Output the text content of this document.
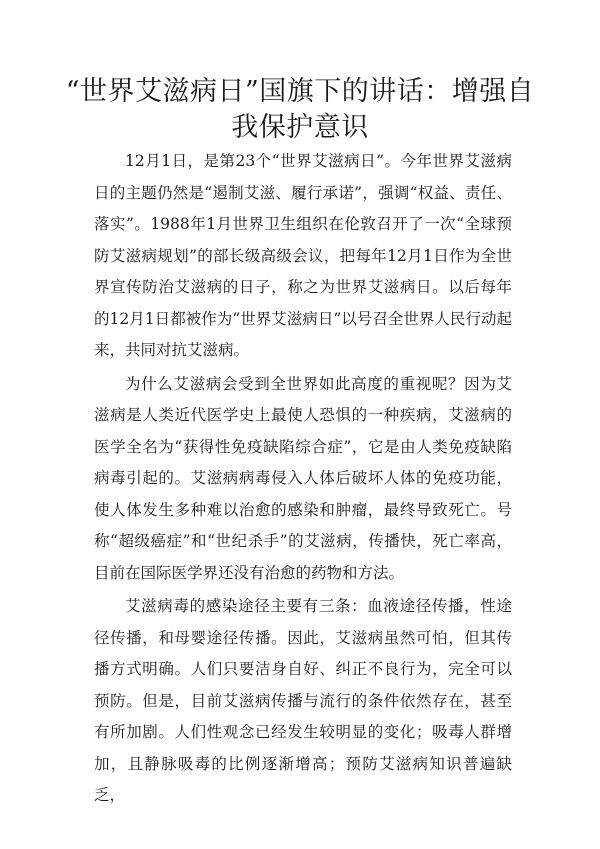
“世界艾滋病日”国旗下的讲话：增强自我保护意识

12月1日，是第23个“世界艾滋病日”。今年世界艾滋病日的主题仍然是“遏制艾滋、履行承诺”，强调“权益、责任、落实”。1988年1月世界卫生组织在伦敦召开了一次“全球预防艾滋病规划”的部长级高级会议，把每年12月1日作为全世界宣传防治艾滋病的日子，称之为世界艾滋病日。以后每年的12月1日都被作为“世界艾滋病日”以号召全世界人民行动起来，共同对抗艾滋病。

为什么艾滋病会受到全世界如此高度的重视呢？因为艾滋病是人类近代医学史上最使人恐惧的一种疾病，艾滋病的医学全名为“获得性免疫缺陷综合症”，它是由人类免疫缺陷病毒引起的。艾滋病病毒侵入人体后破坏人体的免疫功能，使人体发生多种难以治愈的感染和肿瘤，最终导致死亡。号称“超级癌症”和“世纪杀手”的艾滋病，传播快，死亡率高，目前在国际医学界还没有治愈的药物和方法。

艾滋病毒的感染途径主要有三条：血液途径传播，性途径传播，和母婴途径传播。因此，艾滋病虽然可怕，但其传播方式明确。人们只要洁身自好、纠正不良行为，完全可以预防。但是，目前艾滋病传播与流行的条件依然存在，甚至有所加剧。人们性观念已经发生较明显的变化；吸毒人群增加，且静脉吸毒的比例逐渐增高；预防艾滋病知识普遍缺乏，
